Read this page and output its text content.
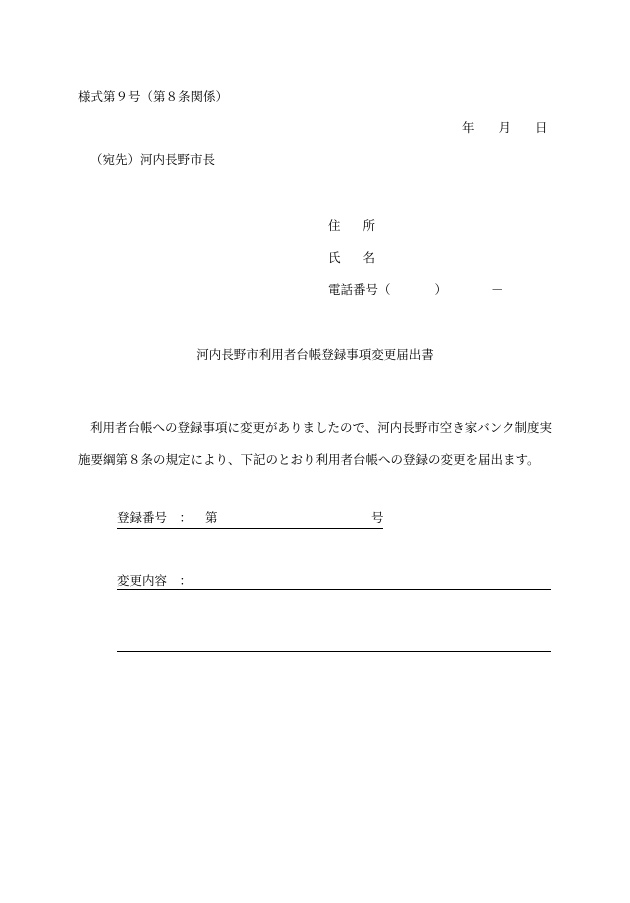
様式第９号（第８条関係）
年 月 日
（宛先）河内長野市長
住 所
氏 名
電話番号（	）	－
河内長野市利用者台帳登録事項変更届出書
利用者台帳への登録事項に変更がありましたので、河内長野市空き家バンク制度実施要綱第８条の規定により、下記のとおり利用者台帳への登録の変更を届出ます。
登録番号　： 第	号
変更内容　：
